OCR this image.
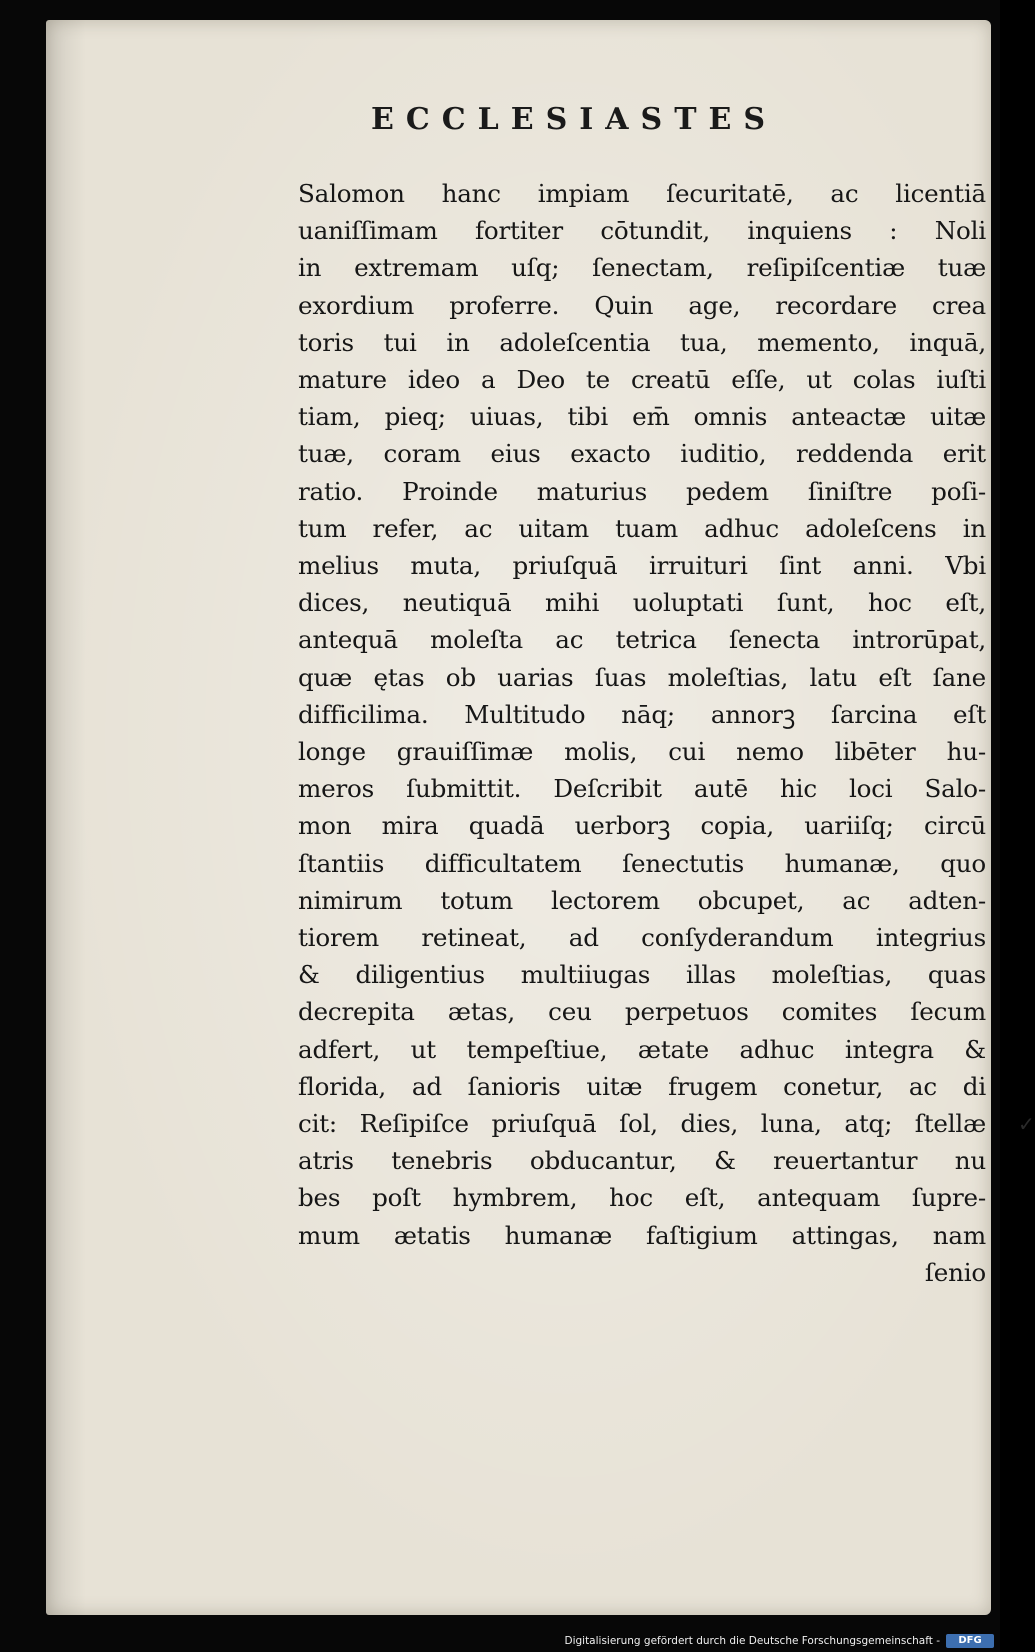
ECCLESIASTES
Salomon hanc impiam ſecuritatē, ac licentiā
uaniſſimam fortiter cōtundit, inquiens : Noli
in extremam uſq; ſenectam, reſipiſcentiæ tuæ
exordium proferre. Quin age, recordare crea
toris tui in adoleſcentia tua, memento, inquā,
mature ideo a Deo te creatū eſſe, ut colas iuſti
tiam, pieq; uiuas, tibi em̄ omnis anteactæ uitæ
tuæ, coram eius exacto iuditio, reddenda erit
ratio. Proinde maturius pedem ſiniſtre poſi-
tum refer, ac uitam tuam adhuc adoleſcens in
melius muta, priuſquā irruituri ſint anni. Vbi
dices, neutiquā mihi uoluptati ſunt, hoc eſt,
antequā moleſta ac tetrica ſenecta introrūpat,
quæ ętas ob uarias ſuas moleſtias, latu eſt ſane
difficilima. Multitudo nāq; annorꝫ ſarcina eſt
longe grauiſſimæ molis, cui nemo libēter hu-
meros ſubmittit. Deſcribit autē hic loci Salo-
mon mira quadā uerborꝫ copia, uariiſq; circū
ſtantiis difficultatem ſenectutis humanæ, quo
nimirum totum lectorem obcupet, ac adten-
tiorem retineat, ad conſyderandum integrius
& diligentius multiiugas illas moleſtias, quas
decrepita ætas, ceu perpetuos comites ſecum
adfert, ut tempeſtiue, ætate adhuc integra &
florida, ad ſanioris uitæ frugem conetur, ac di
cit: Reſipiſce priuſquā ſol, dies, luna, atq; ſtellæ
atris tenebris obducantur, & reuertantur nu
bes poſt hymbrem, hoc eſt, antequam ſupre-
mum ætatis humanæ faſtigium attingas, nam
ſenio
✓
Digitalisierung gefördert durch die Deutsche Forschungsgemeinschaft -	DFG
